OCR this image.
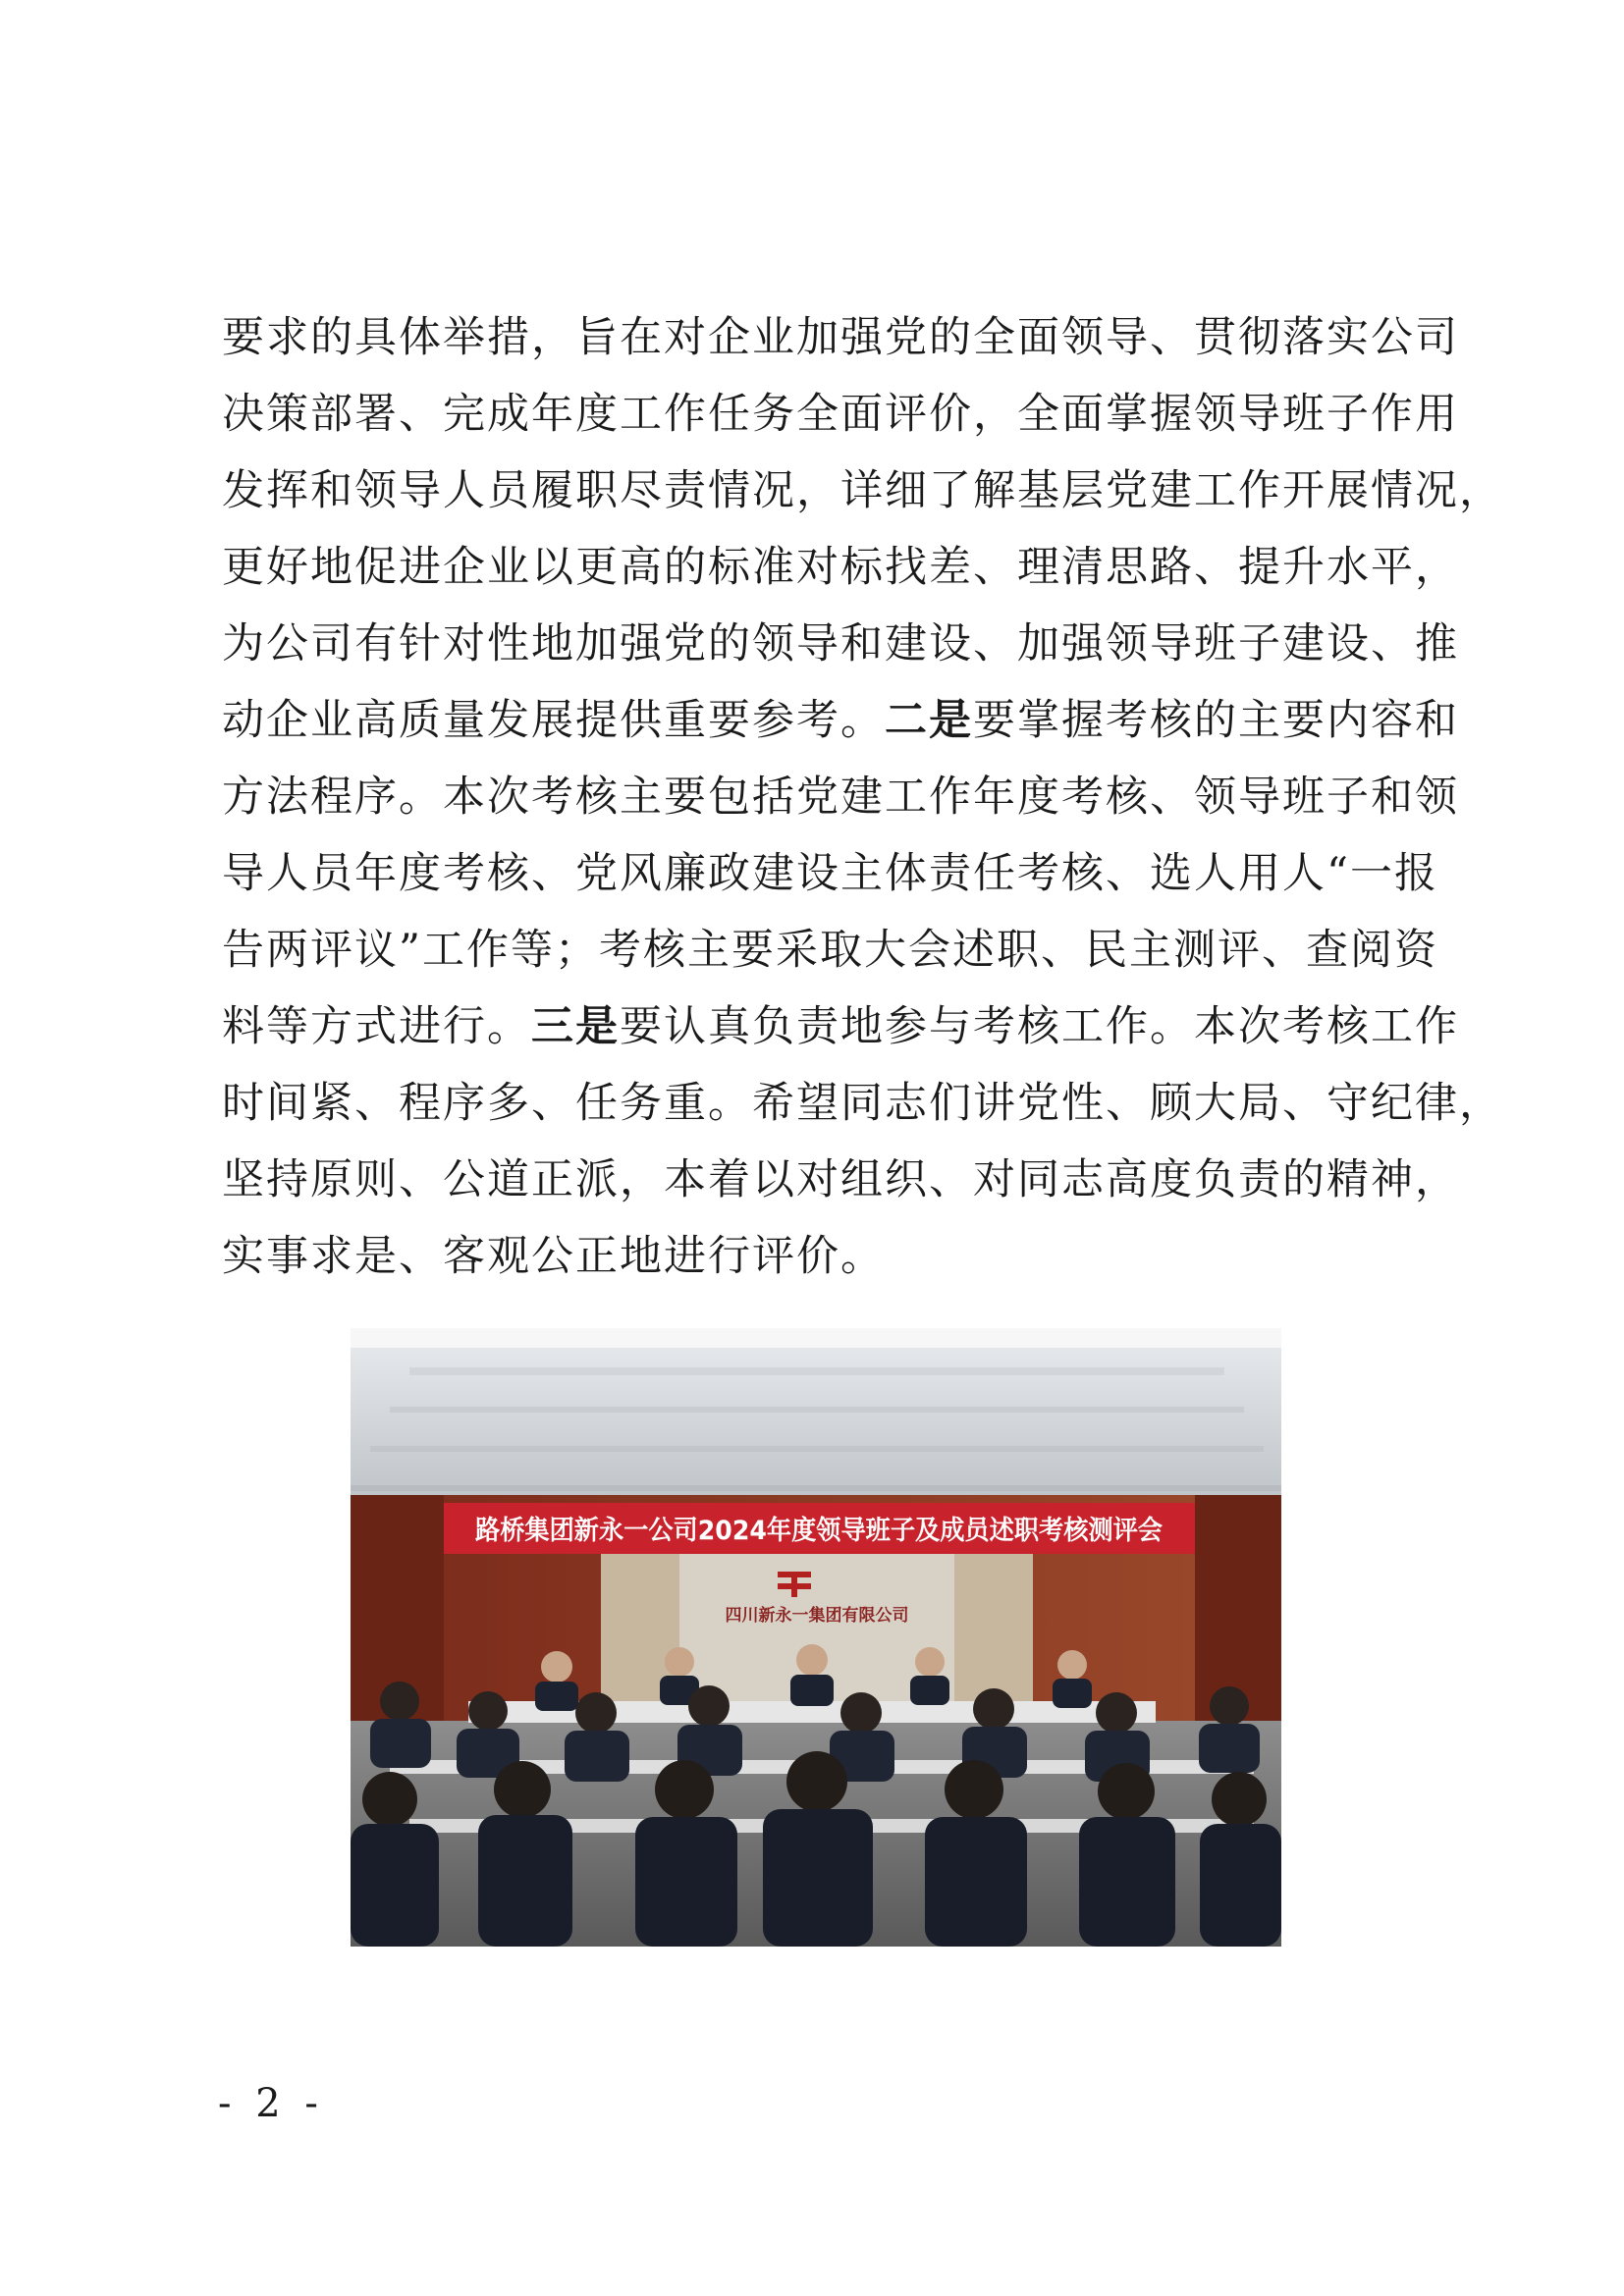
要求的具体举措，旨在对企业加强党的全面领导、贯彻落实公司
决策部署、完成年度工作任务全面评价，全面掌握领导班子作用
发挥和领导人员履职尽责情况，详细了解基层党建工作开展情况，
更好地促进企业以更高的标准对标找差、理清思路、提升水平，
为公司有针对性地加强党的领导和建设、加强领导班子建设、推
动企业高质量发展提供重要参考。二是要掌握考核的主要内容和
方法程序。本次考核主要包括党建工作年度考核、领导班子和领
导人员年度考核、党风廉政建设主体责任考核、选人用人“一报
告两评议”工作等；考核主要采取大会述职、民主测评、查阅资
料等方式进行。三是要认真负责地参与考核工作。本次考核工作
时间紧、程序多、任务重。希望同志们讲党性、顾大局、守纪律，
坚持原则、公道正派，本着以对组织、对同志高度负责的精神，
实事求是、客观公正地进行评价。
四川新永一集团有限公司
路桥集团新永一公司2024年度领导班子及成员述职考核测评会
- 2 -
